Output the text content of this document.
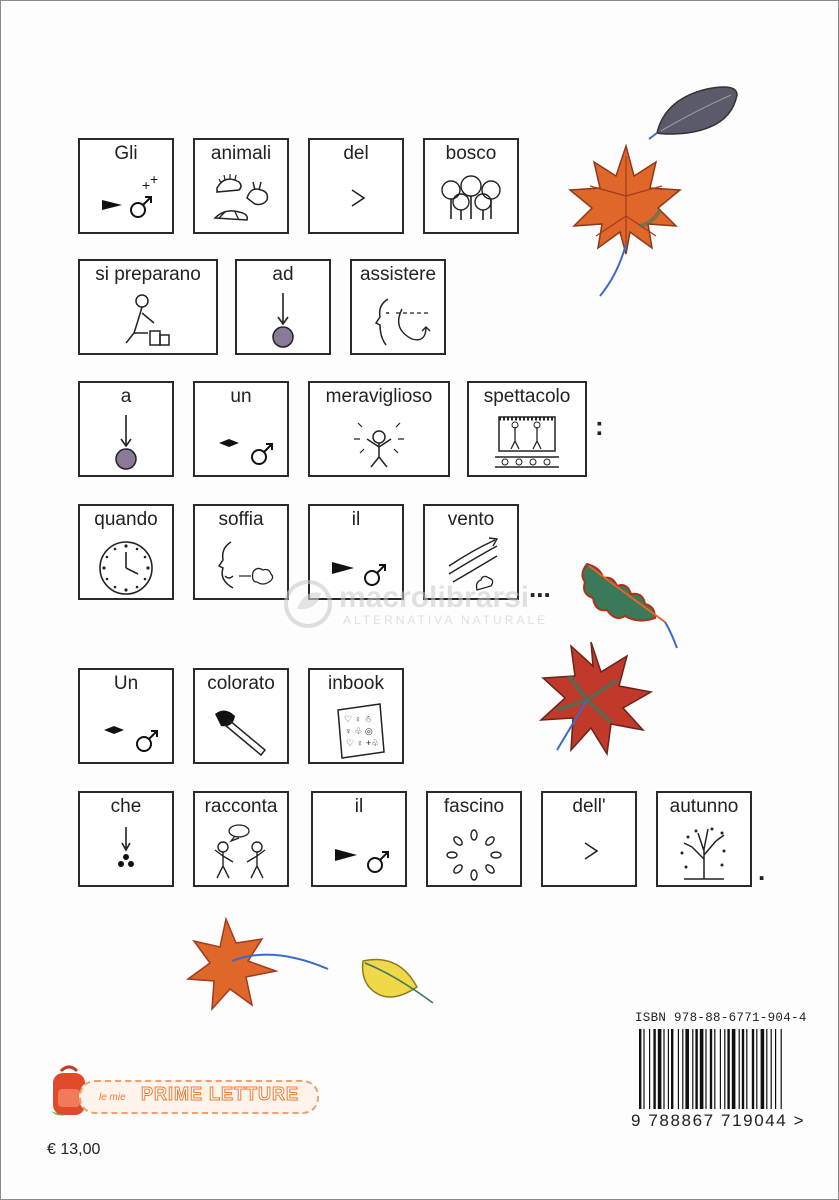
Gli
+ +
animali	del	bosco
si preparano	ad	assistere
a	un	meraviglioso	spettacolo
:
quando	soffia	il	vento
...
macrolibrarsi
ALTERNATIVA NATURALE
Un	colorato	inbook
♡ ♀ ☃
♀ ♧ ◎
♡ ♀ +♧
che	racconta	il	fascino	dell'	autunno
.
ISBN 978-88-6771-904-4
9 788867 719044 >
le mie PRIME LETTURE
€ 13,00
